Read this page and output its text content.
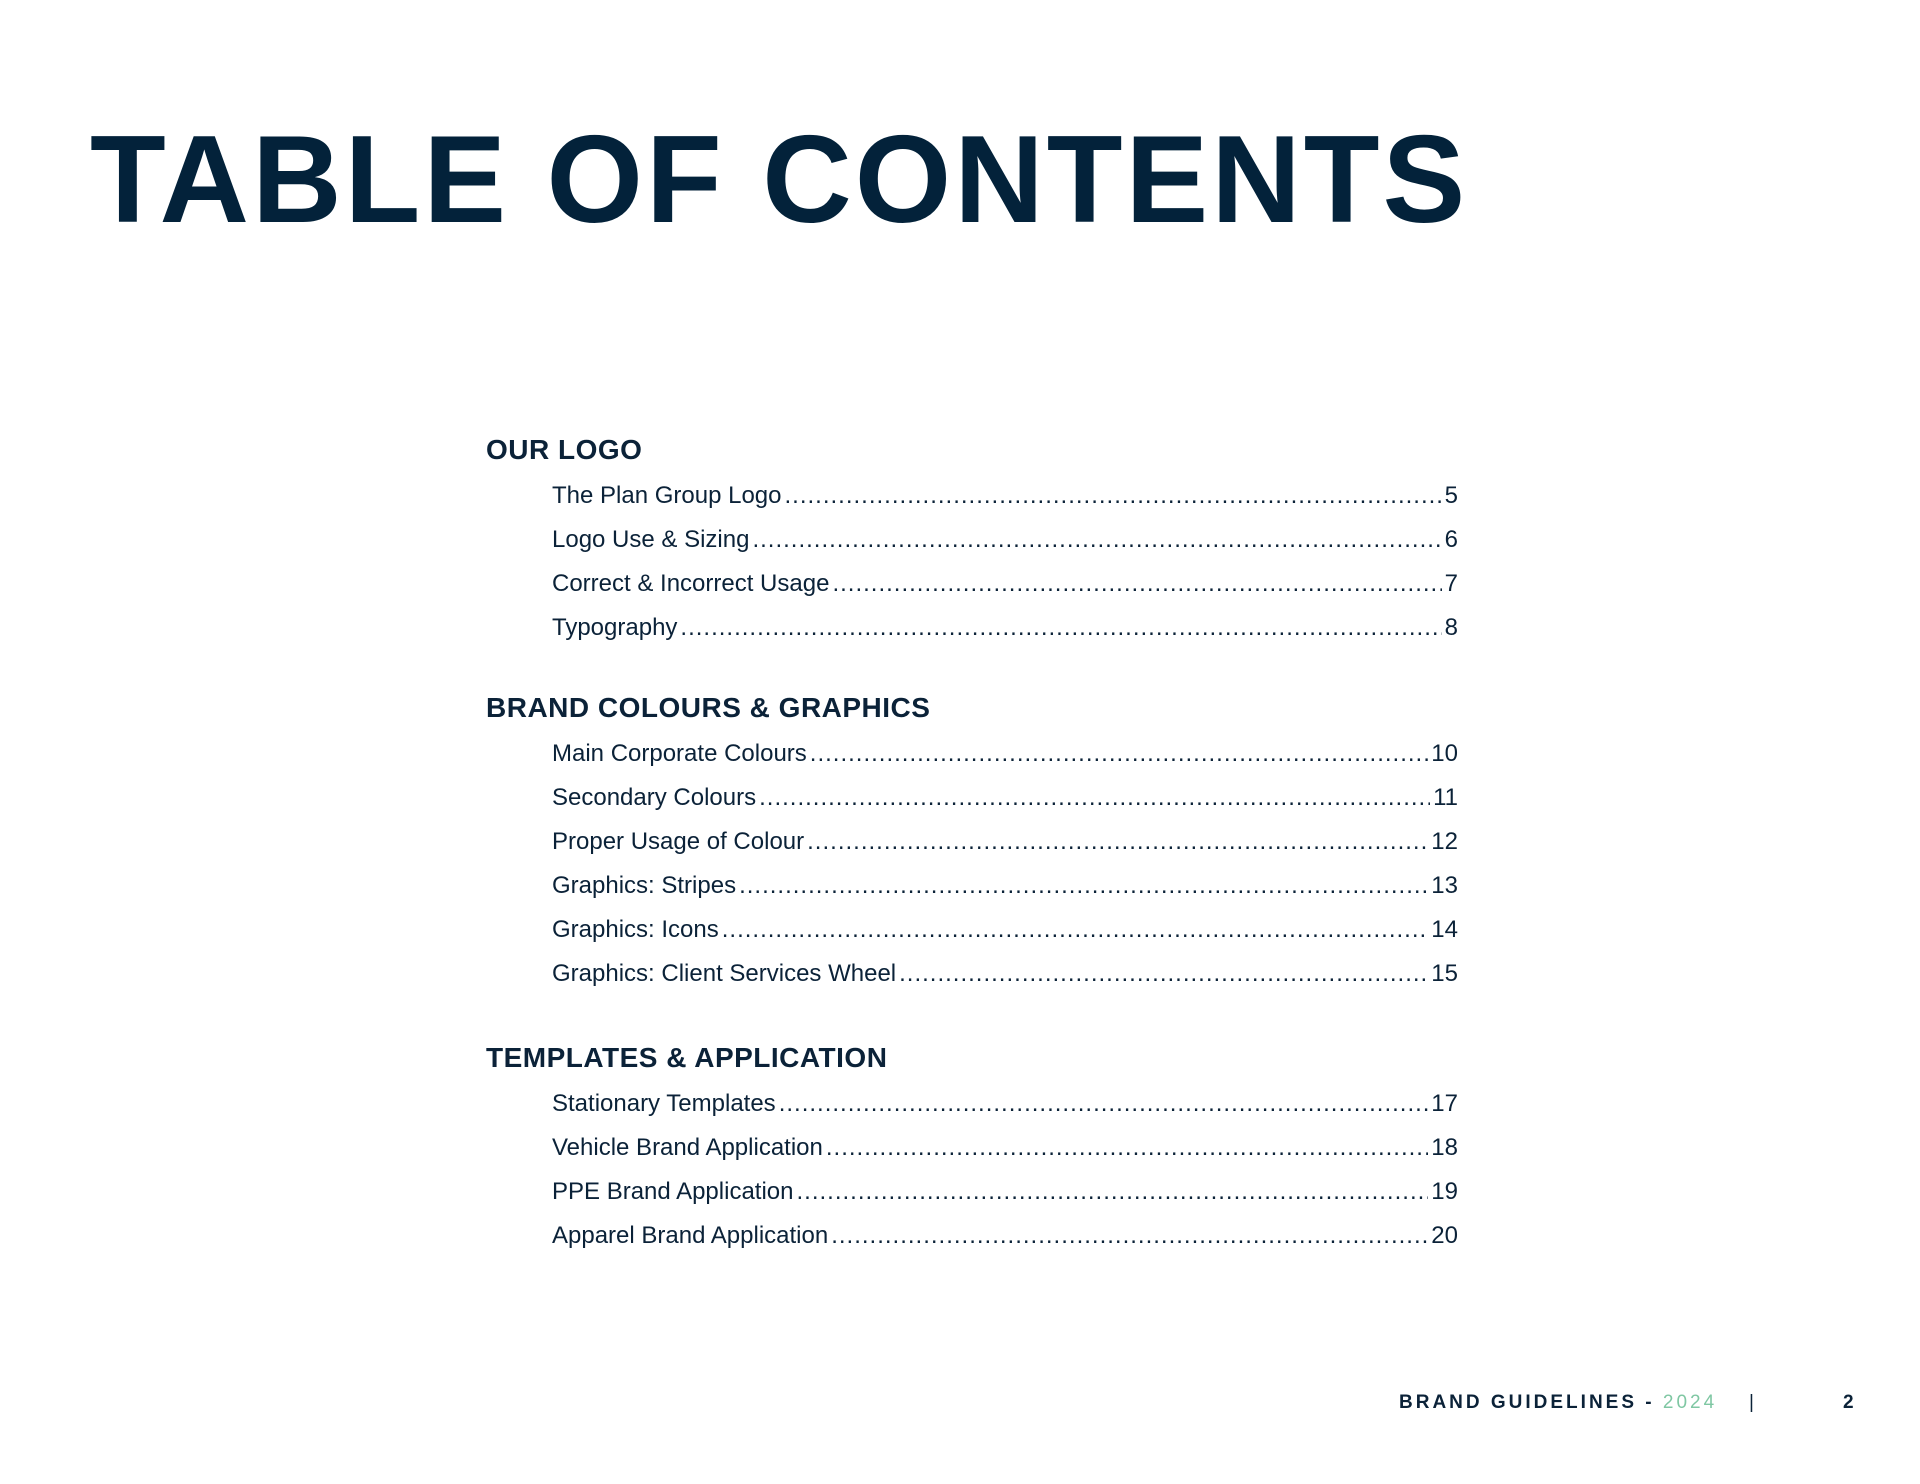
TABLE OF CONTENTS
OUR LOGO
The Plan Group Logo .....	5
Logo Use & Sizing .....	6
Correct & Incorrect Usage .....	7
Typography .....	8
BRAND COLOURS & GRAPHICS
Main Corporate Colours .....	10
Secondary Colours .....	11
Proper Usage of Colour .....	12
Graphics: Stripes .....	13
Graphics: Icons .....	14
Graphics: Client Services Wheel .....	15
TEMPLATES & APPLICATION
Stationary Templates .....	17
Vehicle Brand Application .....	18
PPE Brand Application .....	19
Apparel Brand Application .....	20
BRAND GUIDELINES - 2024 |	2
